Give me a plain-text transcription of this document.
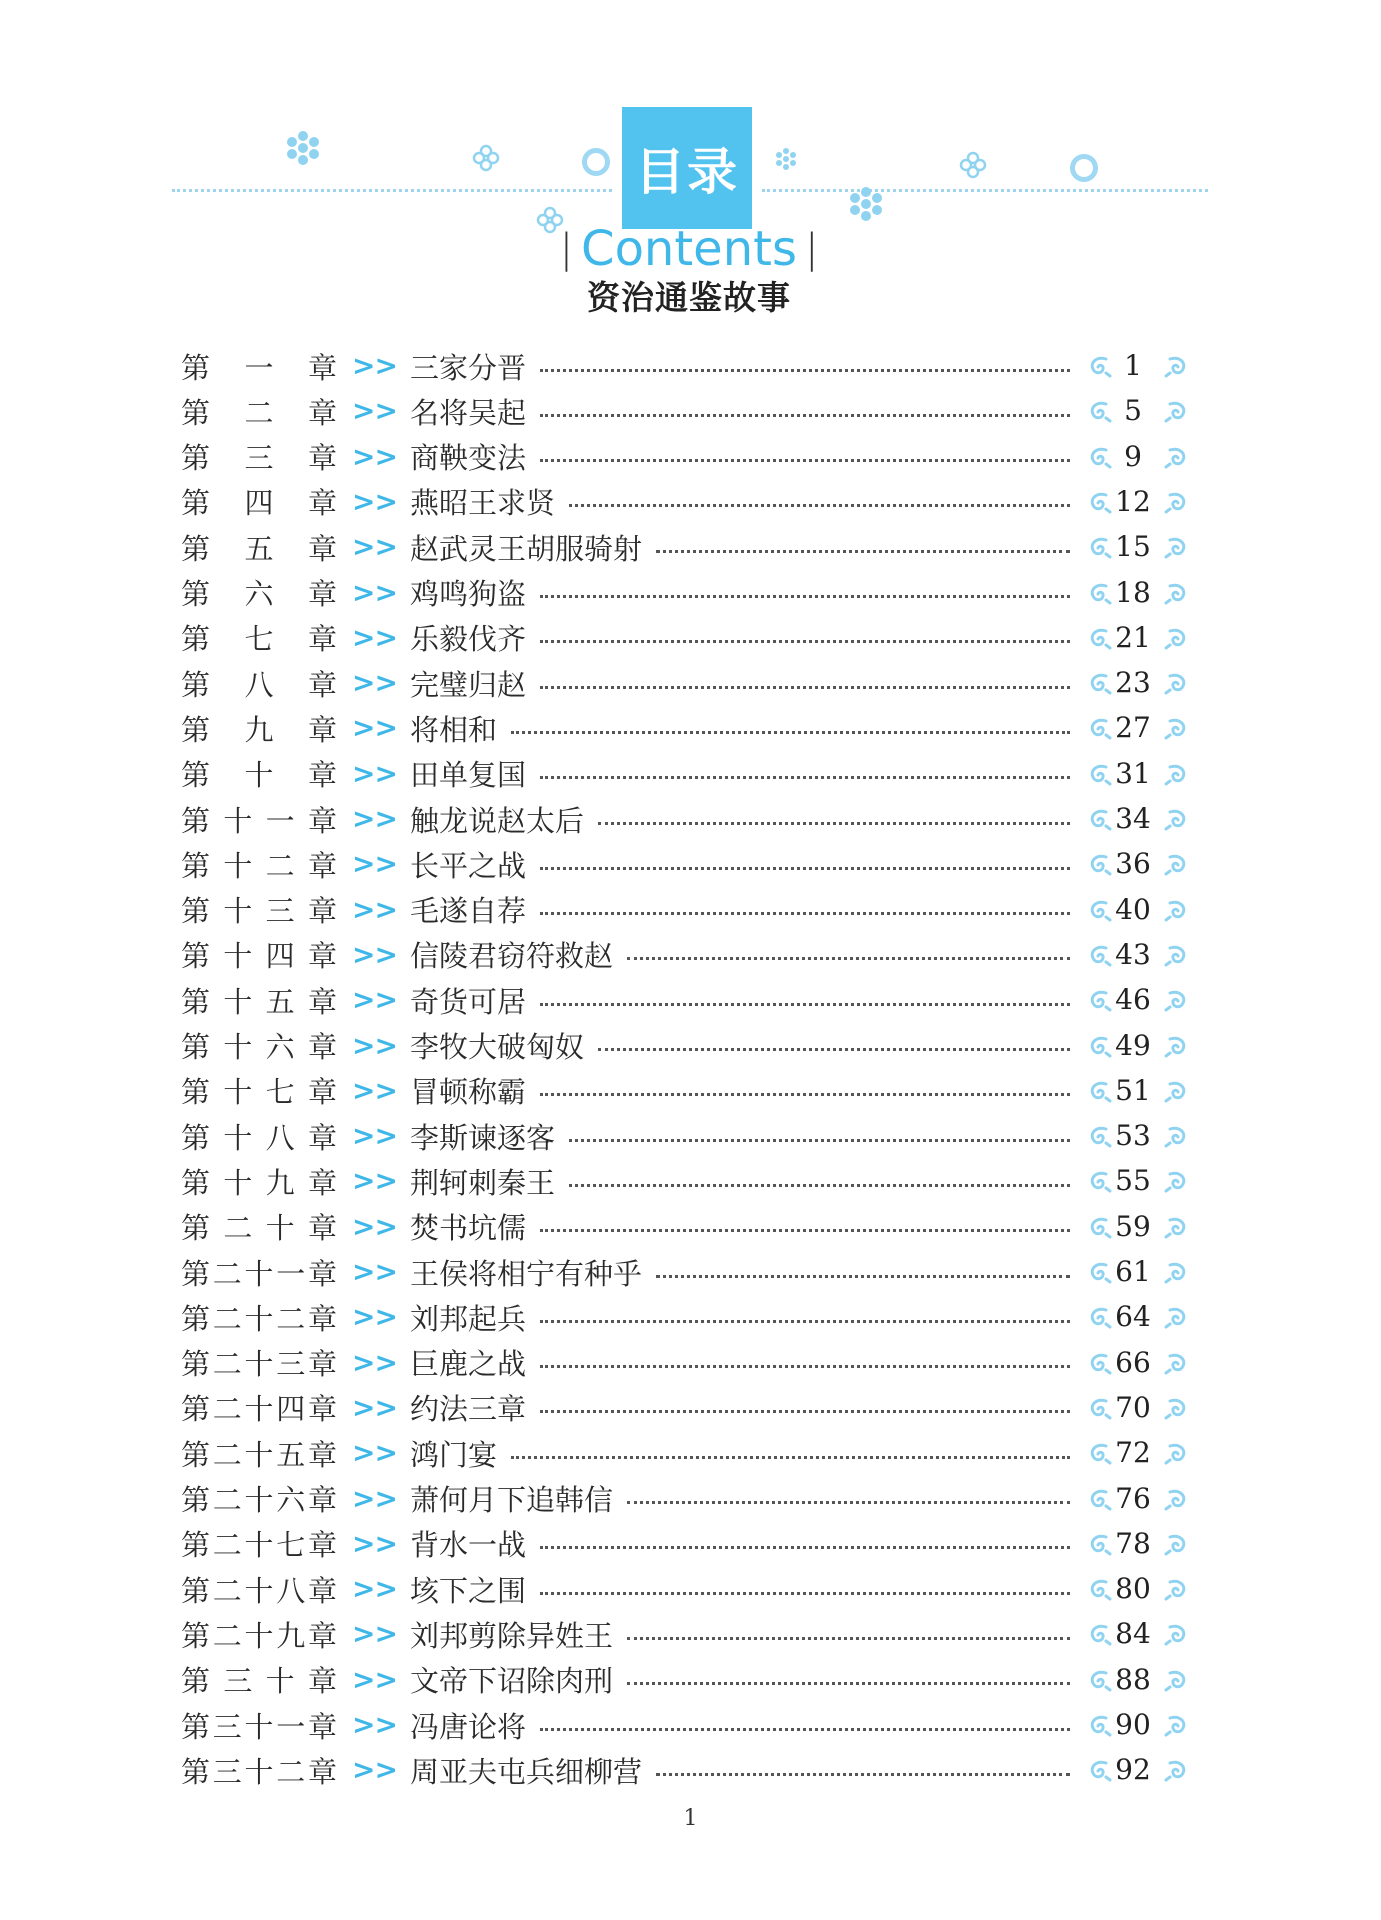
目录
| Contents |
资治通鉴故事
第 一 章 >> 三家分晋	1
第 二 章 >> 名将吴起	5
第 三 章 >> 商鞅变法	9
第 四 章 >> 燕昭王求贤	12
第 五 章 >> 赵武灵王胡服骑射	15
第 六 章 >> 鸡鸣狗盗	18
第 七 章 >> 乐毅伐齐	21
第 八 章 >> 完璧归赵	23
第 九 章 >> 将相和	27
第 十 章 >> 田单复国	31
第 十 一 章 >> 触龙说赵太后	34
第 十 二 章 >> 长平之战	36
第 十 三 章 >> 毛遂自荐	40
第 十 四 章 >> 信陵君窃符救赵	43
第 十 五 章 >> 奇货可居	46
第 十 六 章 >> 李牧大破匈奴	49
第 十 七 章 >> 冒顿称霸	51
第 十 八 章 >> 李斯谏逐客	53
第 十 九 章 >> 荆轲刺秦王	55
第 二 十 章 >> 焚书坑儒	59
第 二 十 一 章 >> 王侯将相宁有种乎	61
第 二 十 二 章 >> 刘邦起兵	64
第 二 十 三 章 >> 巨鹿之战	66
第 二 十 四 章 >> 约法三章	70
第 二 十 五 章 >> 鸿门宴	72
第 二 十 六 章 >> 萧何月下追韩信	76
第 二 十 七 章 >> 背水一战	78
第 二 十 八 章 >> 垓下之围	80
第 二 十 九 章 >> 刘邦剪除异姓王	84
第 三 十 章 >> 文帝下诏除肉刑	88
第 三 十 一 章 >> 冯唐论将	90
第 三 十 二 章 >> 周亚夫屯兵细柳营	92
1
